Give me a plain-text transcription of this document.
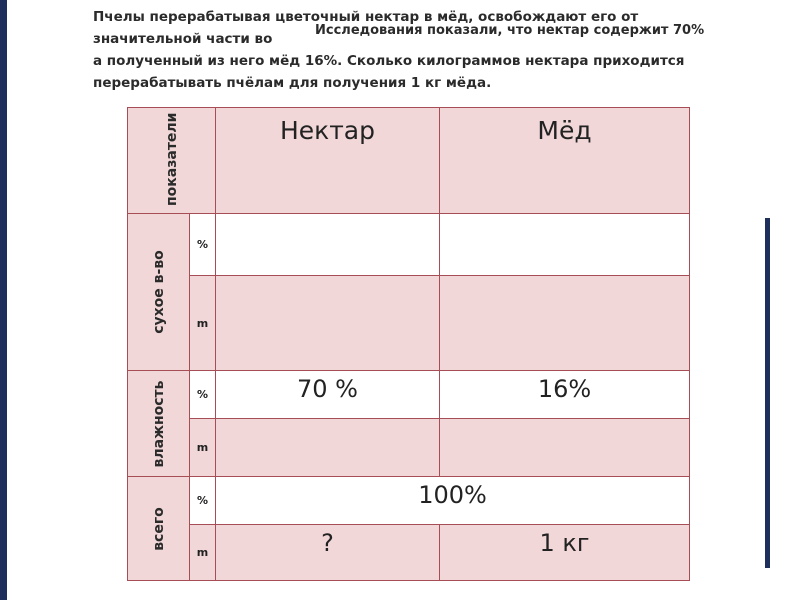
Пчелы перерабатывая цветочный нектар в мёд, освобождают его от
значительной части во
Исследования показали, что нектар содержит 70%
а полученный из него мёд 16%. Сколько килограммов нектара приходится
перерабатывать пчёлам для получения 1 кг мёда.
показатели		Нектар	Мёд

сухое в-во	%		
	m		

влажность	%	70 %	16%
	m		

всего	%	100%	
	m	?	1 кг
